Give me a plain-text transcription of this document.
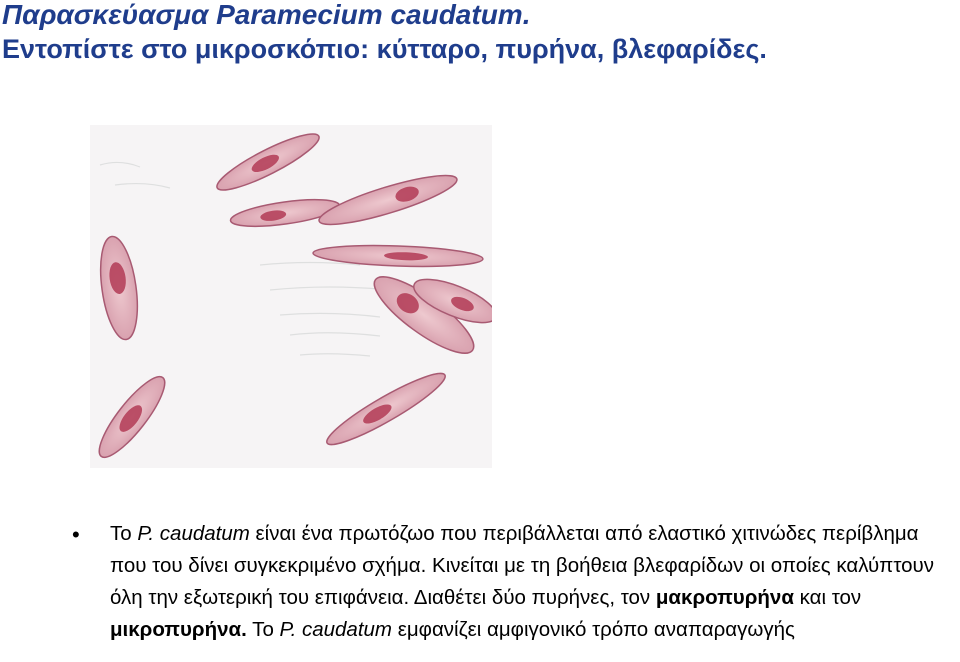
Παρασκεύασμα Paramecium caudatum.
Εντοπίστε στο μικροσκόπιο: κύτταρο, πυρήνα, βλεφαρίδες.
• Το P. caudatum είναι ένα πρωτόζωο που περιβάλλεται από ελαστικό χιτινώδες περίβλημα που του δίνει συγκεκριμένο σχήμα. Κινείται με τη βοήθεια βλεφαρίδων οι οποίες καλύπτουν όλη την εξωτερική του επιφάνεια. Διαθέτει δύο πυρήνες, τον μακροπυρήνα και τον μικροπυρήνα. Το P. caudatum εμφανίζει αμφιγονικό τρόπο αναπαραγωγής
